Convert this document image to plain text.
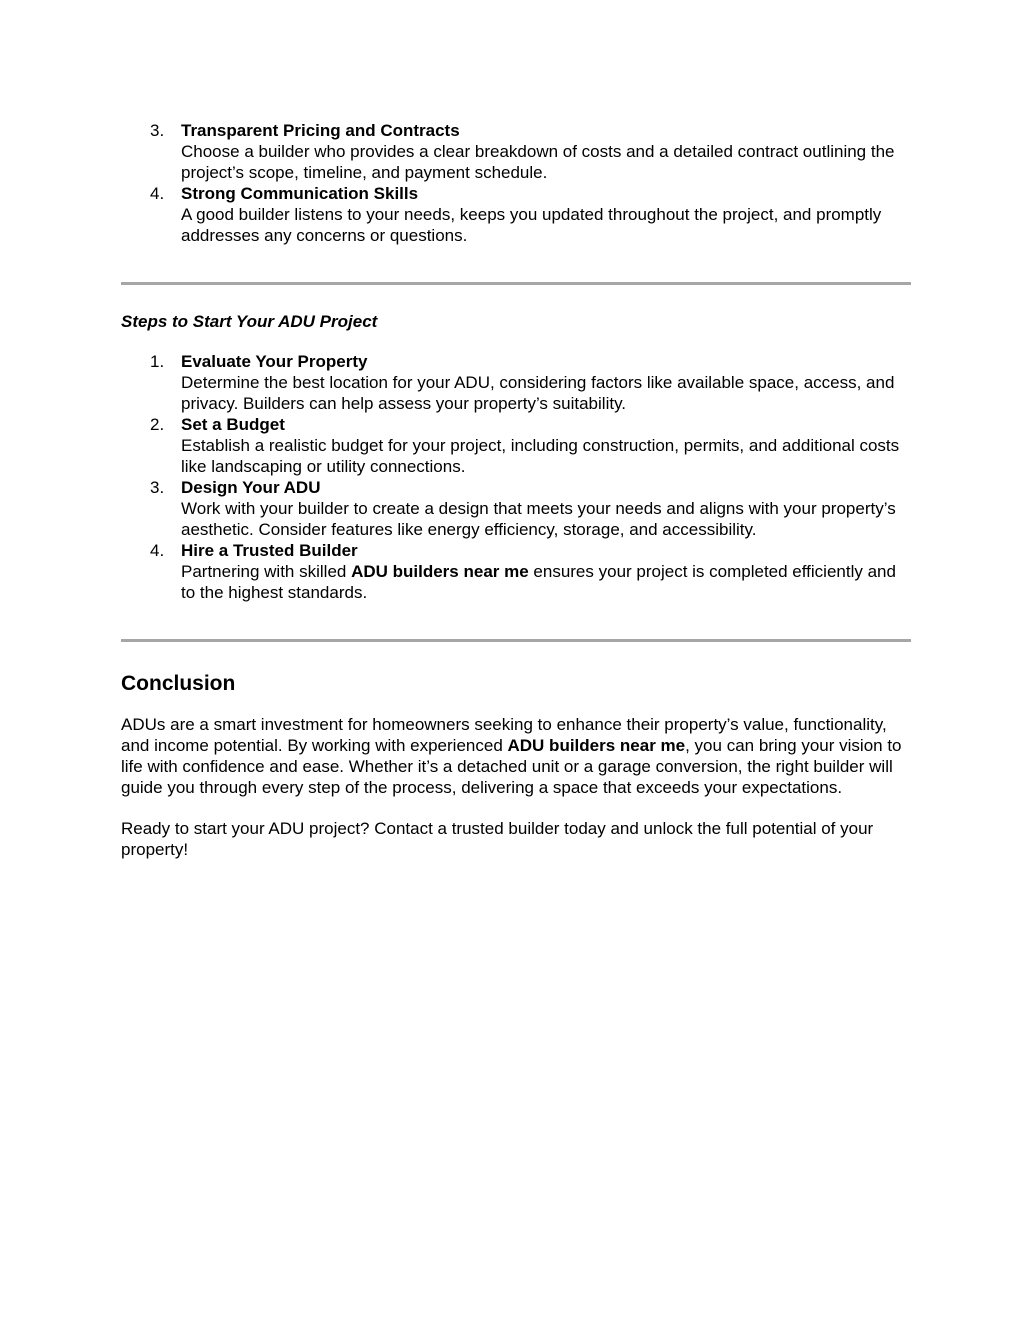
3. Transparent Pricing and Contracts
Choose a builder who provides a clear breakdown of costs and a detailed contract outlining the project’s scope, timeline, and payment schedule.
4. Strong Communication Skills
A good builder listens to your needs, keeps you updated throughout the project, and promptly addresses any concerns or questions.

Steps to Start Your ADU Project

1. Evaluate Your Property
Determine the best location for your ADU, considering factors like available space, access, and privacy. Builders can help assess your property’s suitability.
2. Set a Budget
Establish a realistic budget for your project, including construction, permits, and additional costs like landscaping or utility connections.
3. Design Your ADU
Work with your builder to create a design that meets your needs and aligns with your property’s aesthetic. Consider features like energy efficiency, storage, and accessibility.
4. Hire a Trusted Builder
Partnering with skilled ADU builders near me ensures your project is completed efficiently and to the highest standards.
Conclusion

ADUs are a smart investment for homeowners seeking to enhance their property’s value, functionality, and income potential. By working with experienced ADU builders near me, you can bring your vision to life with confidence and ease. Whether it’s a detached unit or a garage conversion, the right builder will guide you through every step of the process, delivering a space that exceeds your expectations.

Ready to start your ADU project? Contact a trusted builder today and unlock the full potential of your property!
